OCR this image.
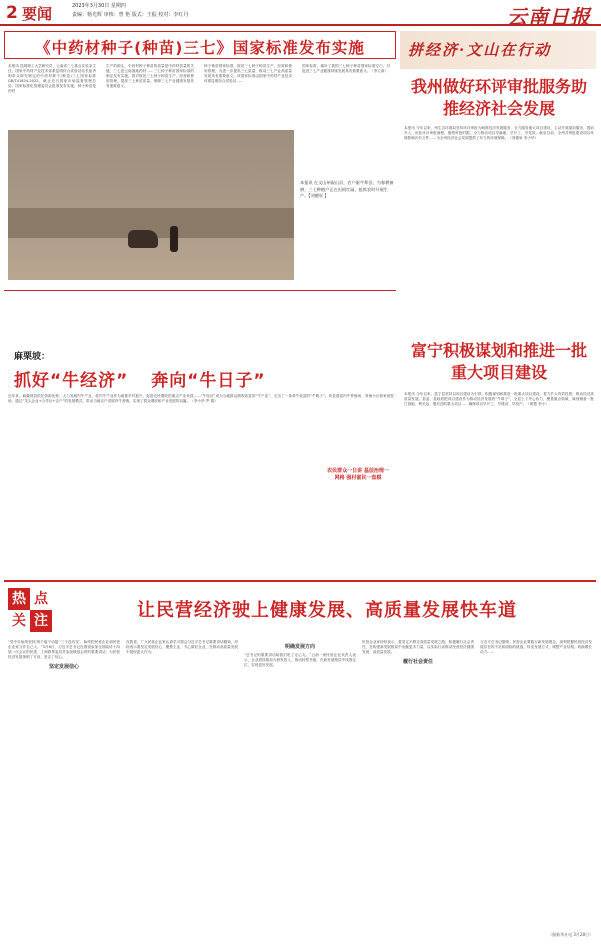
2 要闻	2023年3月30日 星期四
责编：杨光辉 审核：曾 艳 版式：王振 校对：李红丹	云南日报
《中药材种子(种苗)三七》国家标准发布实施
本报讯 昆明理工大学研究员、云南省三七重点实验室主任，国家中药材产业技术体系昆明综合试验站站长崔秀明牵头研究制定的中药材种子(种苗)三七国家标准GB/T41824-2022，截止近日国家市场监督管理总局、国家标准化管理委员会批准发布实施。种子种苗是药材
生产的源头，中药材种子种苗的质量是中药材质量的关键，三七是云南道地药材……三七种子种苗国家标准的制定发布实施，将对规范三七种子种苗生产、经营和使用管理，提高三七种苗质量，保障三七产业健康发展具有重要意义。
种子种苗国家标准，规范三七种子种苗生产、经营和使用管理，为进一步提高三七质量，推动三七产业高质量发展具有重要意义。该国家标准由国家中药材产业技术体系昆明综合试验站……
国家标准，填补了我国三七种子种苗国家标准空白，对促进三七产业健康持续发展具有重要意义。（李立新）
本报讯 在文山州砚山县，农户驱牛犁田，为春耕备耕。三七种植户正在田间忙碌，抢抓农时开展生产。【刘德泉 】
拼经济·文山在行动
我州做好环评审批服务助推经济社会发展
本报讯 今年以来，州生态环境局坚持环评审批为助推经济发展服务，全力服务重大项目建设，主动开展靠前服务，提前介入，优化环评审批流程，缩短审批时限，全力推动项目早落地、早开工、早见效。截至目前，全州共审批建设项目环境影响评价文件……为全州经济社会发展提供了有力的环境保障。（刘德泉 李小华）
麻栗坡：
抓好“牛经济” 奔向“牛日子”
近年来，麻栗坡县依托资源优势，大力发展肉牛产业，将肉牛产业作为助推乡村振兴、促进农民增收的重点产业来抓……“牛经济”成为当地群众增收致富的“牛产业”，走出了一条养牛致富的“牛路子”。该县建成肉牛养殖场、养殖小区和家庭牧场，通过“龙头企业+合作社+农户”的发展模式，带动当地农户发展肉牛养殖，实现了群众增收和产业发展的双赢。（李小华 罗 娟）
农民群众一日讲 基层治理一网格 强村富民一盘棋
富宁积极谋划和推进一批重大项目建设
本报讯 今年以来，富宁县坚持以项目建设为引领，积极谋划和推进一批重大项目建设，着力扩大有效投资，推动经济高质量发展。县委、县政府把项目建设作为推动经济发展的“牛鼻子”，全县上下齐心协力，聚焦重点领域，谋划储备一批打基础、利长远、增后劲的重大项目……确保项目早开工、早建设、早投产。（黄慧 李小）
热 点
关 注	让民营经济驶上健康发展、高质量发展快车道
“党中央始终坚持‘两个毫不动摇’‘三个没有变’，始终把民营企业和民营企业家当作自己人。”3月6日，习近平总书记在看望参加全国政协十四届一次会议的民建、工商联界委员并参加联组会时的重要讲话，为民营经济发展指明了方向，坚定了信心。
坚定发展信心
在我省，广大民营企业家认真学习领会习近平总书记重要讲话精神，纷纷表示要坚定发展信心，聚焦主业，专心做好企业，在推动高质量发展中展现更大作为。
明确发展方向
“总书记的重要讲话给我们吃了定心丸。”云南一家民营企业负责人表示，企业将持续加大研发投入，推动转型升级，在新发展格局中找准定位，实现更好发展。
民营企业家纷纷表示，要坚定不移走高质量发展之路，积极履行社会责任，在构建新发展格局中贡献更多力量，以实际行动推动民营经济健康发展、高质量发展。
履行社会责任
习近平总书记强调，民营企业要践行新发展理念，深刻把握民营经济发展存在的不足和面临的挑战，转变发展方式，调整产业结构，转换增长动力……
（据新华社电 3月28日）
